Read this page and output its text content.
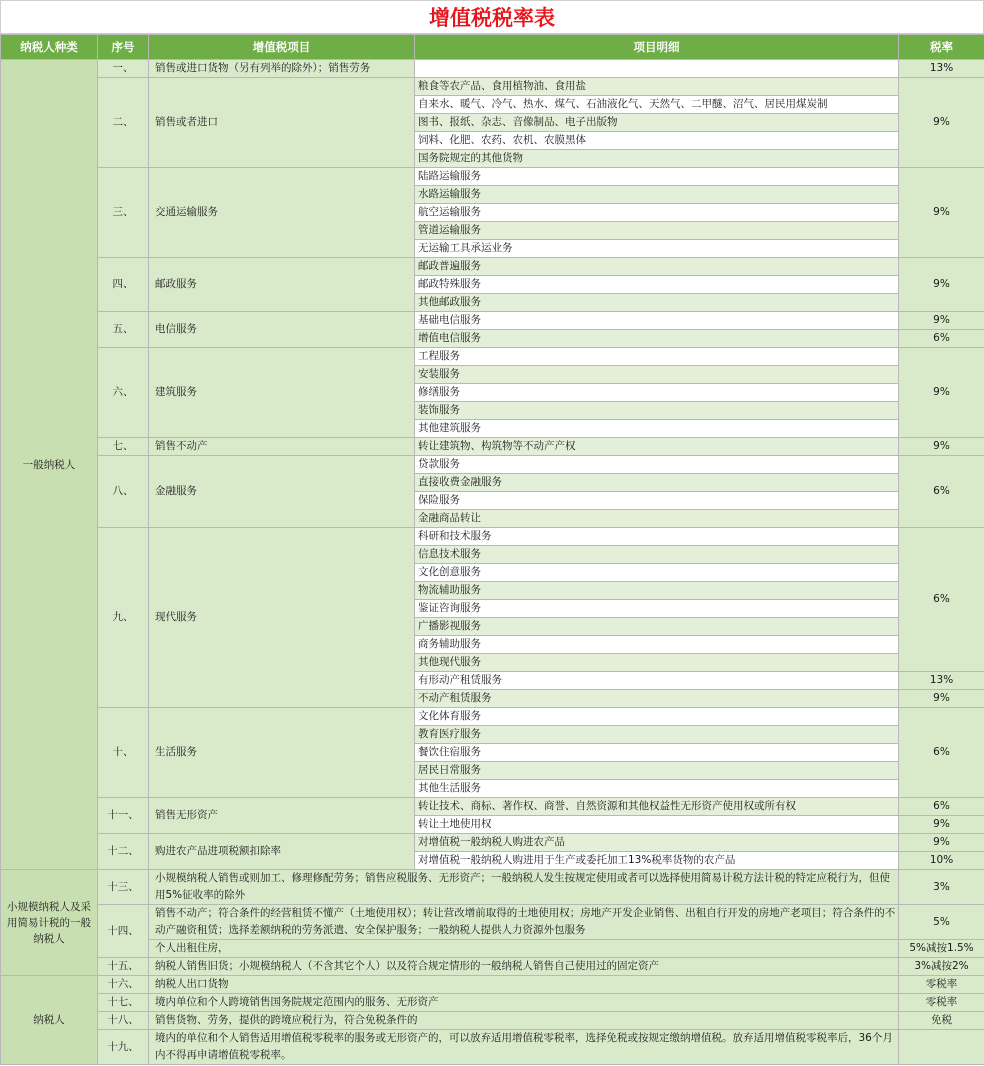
增值税税率表
纳税人种类	序号	增值税项目	项目明细	税率
一般纳税人	一、	销售或进口货物（另有列举的除外）；销售劳务		13%
	二、	销售或者进口	粮食等农产品、食用植物油、食用盐	9%
			自来水、暖气、冷气、热水、煤气、石油液化气、天然气、二甲醚、沼气、居民用煤炭制	
			图书、报纸、杂志、音像制品、电子出版物	
			饲料、化肥、农药、农机、农膜黑体	
			国务院规定的其他货物	
	三、	交通运输服务	陆路运输服务	9%
			水路运输服务	
			航空运输服务	
			管道运输服务	
			无运输工具承运业务	
	四、	邮政服务	邮政普遍服务	9%
			邮政特殊服务	
			其他邮政服务	
	五、	电信服务	基础电信服务	9%
			增值电信服务	6%
	六、	建筑服务	工程服务	9%
			安装服务	
			修缮服务	
			装饰服务	
			其他建筑服务	
	七、	销售不动产	转让建筑物、构筑物等不动产产权	9%
	八、	金融服务	贷款服务	6%
			直接收费金融服务	
			保险服务	
			金融商品转让	
	九、	现代服务	科研和技术服务	6%
			信息技术服务	
			文化创意服务	
			物流辅助服务	
			鉴证咨询服务	
			广播影视服务	
			商务辅助服务	
			其他现代服务	
			有形动产租赁服务	13%
			不动产租赁服务	9%
	十、	生活服务	文化体育服务	6%
			教育医疗服务	
			餐饮住宿服务	
			居民日常服务	
			其他生活服务	
	十一、	销售无形资产	转让技术、商标、著作权、商誉、自然资源和其他权益性无形资产使用权或所有权	6%
			转让土地使用权	9%
	十二、	购进农产品进项税额扣除率	对增值税一般纳税人购进农产品	9%
			对增值税一般纳税人购进用于生产或委托加工13%税率货物的农产品	10%
小规模纳税人及采用简易计税的一般纳税人	十三、	小规模纳税人销售或则加工、修理修配劳务；销售应税服务、无形资产；一般纳税人发生按规定使用或者可以选择使用简易计税方法计税的特定应税行为，但使用5%征收率的除外		3%
	十四、	销售不动产；符合条件的经营租赁不懂产（土地使用权）；转让营改增前取得的土地使用权；房地产开发企业销售、出租自行开发的房地产老项目；符合条件的不动产融资租赁；选择差额纳税的劳务派遣、安全保护服务；一般纳税人提供人力资源外包服务		5%
		个人出租住房，		5%减按1.5%
	十五、	纳税人销售旧货；小规模纳税人（不含其它个人）以及符合规定情形的一般纳税人销售自己使用过的固定资产		3%减按2%
纳税人	十六、	纳税人出口货物		零税率
	十七、	境内单位和个人跨境销售国务院规定范围内的服务、无形资产		零税率
	十八、	销售货物、劳务，提供的跨境应税行为，符合免税条件的		免税
	十九、	境内的单位和个人销售适用增值税零税率的服务或无形资产的，可以放弃适用增值税零税率，选择免税或按规定缴纳增值税。放弃适用增值税零税率后，36个月内不得再申请增值税零税率。		
